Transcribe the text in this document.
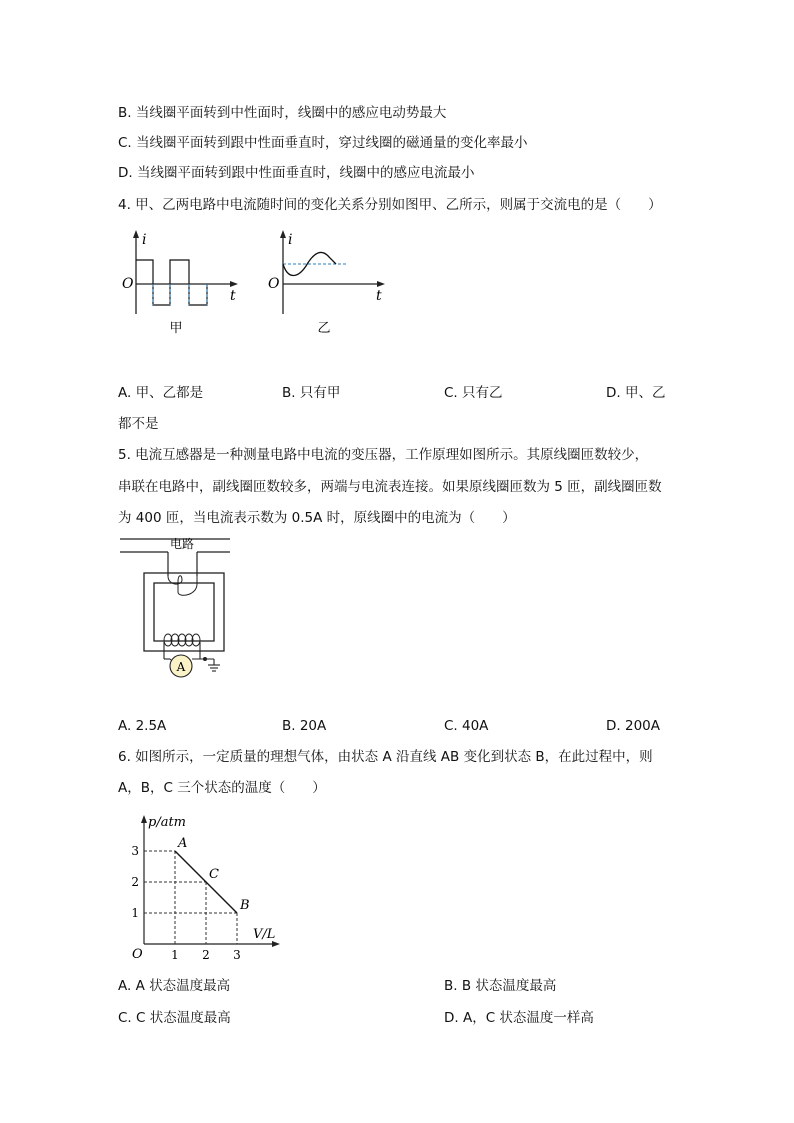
B. 当线圈平面转到中性面时，线圈中的感应电动势最大
C. 当线圈平面转到跟中性面垂直时，穿过线圈的磁通量的变化率最小
D. 当线圈平面转到跟中性面垂直时，线圈中的感应电流最小
4. 甲、乙两电路中电流随时间的变化关系分别如图甲、乙所示，则属于交流电的是（　　）
i
t
O
甲
i
t
O
乙
A. 甲、乙都是	B. 只有甲	C. 只有乙	D. 甲、乙
都不是
5. 电流互感器是一种测量电路中电流的变压器，工作原理如图所示。其原线圈匝数较少，
串联在电路中，副线圈匝数较多，两端与电流表连接。如果原线圈匝数为 5 匝，副线圈匝数
为 400 匝，当电流表示数为 0.5A 时，原线圈中的电流为（　　）
电路
A
A. 2.5A	B. 20A	C. 40A	D. 200A
6. 如图所示，一定质量的理想气体，由状态 A 沿直线 AB 变化到状态 B，在此过程中，则
A，B，C 三个状态的温度（　　）
p/atm
V/L
O
A
C
B
1 2 3
1
2
3
A. A 状态温度最高	B. B 状态温度最高
C. C 状态温度最高	D. A，C 状态温度一样高
